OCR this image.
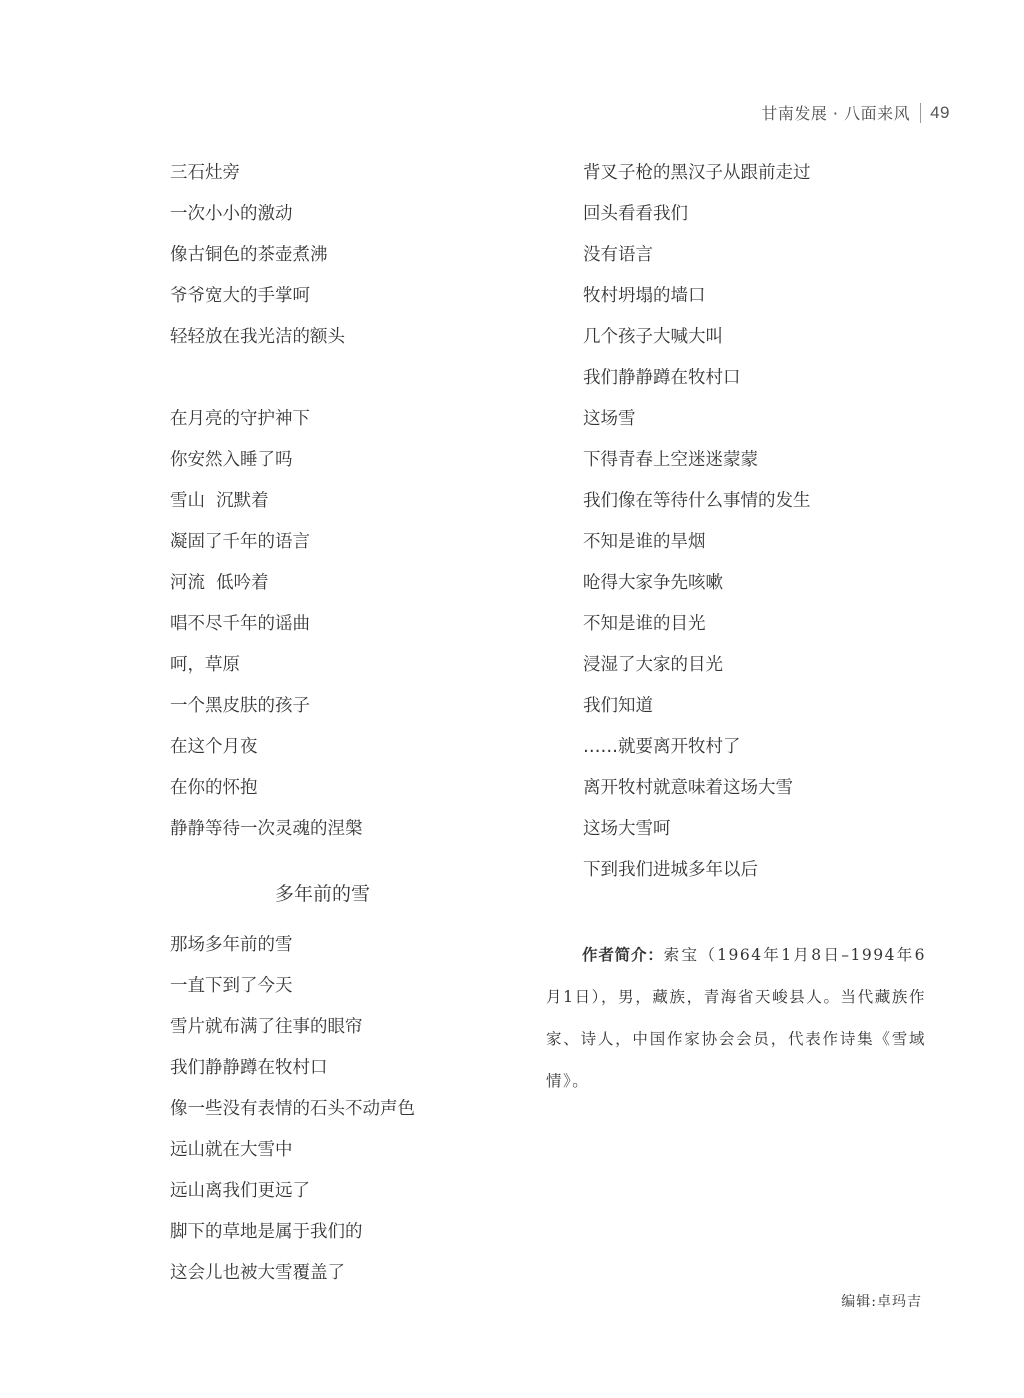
甘南发展 · 八面来风 49
三石灶旁
一次小小的激动
像古铜色的茶壶煮沸
爷爷宽大的手掌呵
轻轻放在我光洁的额头
在月亮的守护神下
你安然入睡了吗
雪山  沉默着
凝固了千年的语言
河流  低吟着
唱不尽千年的谣曲
呵，草原
一个黑皮肤的孩子
在这个月夜
在你的怀抱
静静等待一次灵魂的涅槃
多年前的雪
那场多年前的雪
一直下到了今天
雪片就布满了往事的眼帘
我们静静蹲在牧村口
像一些没有表情的石头不动声色
远山就在大雪中
远山离我们更远了
脚下的草地是属于我们的
这会儿也被大雪覆盖了
背叉子枪的黑汉子从跟前走过
回头看看我们
没有语言
牧村坍塌的墙口
几个孩子大喊大叫
我们静静蹲在牧村口
这场雪
下得青春上空迷迷蒙蒙
我们像在等待什么事情的发生
不知是谁的旱烟
呛得大家争先咳嗽
不知是谁的目光
浸湿了大家的目光
我们知道
……就要离开牧村了
离开牧村就意味着这场大雪
这场大雪呵
下到我们进城多年以后
作者简介：索宝（1964年1月8日–1994年6月1日），男，藏族，青海省天峻县人。当代藏族作家、诗人，中国作家协会会员，代表作诗集《雪域情》。
编辑:卓玛吉
